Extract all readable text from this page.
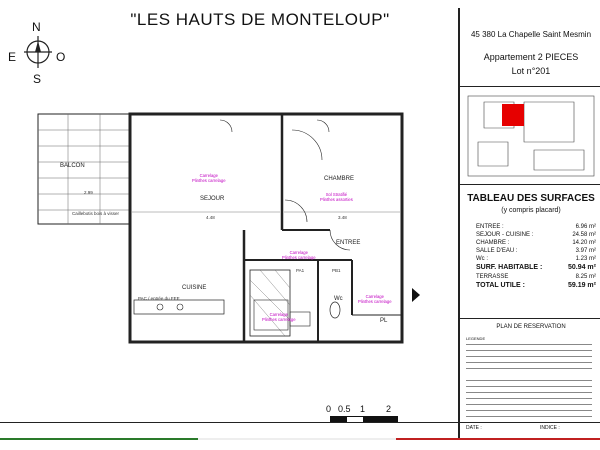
"LES HAUTS DE MONTELOUP"
N
E	O
S
BALCON
SEJOUR
CHAMBRE
ENTREE
CUISINE
PL
Wc
Carrelage
Plinthes carrelage
Sol Stratifié
Plinthes assorties
Carrelage
Plinthes carrelage
Carrelage
Plinthes carrelage
Carrelage
Plinthes carrelage
4.48	3.48
2.99
PA1	PB1
Caillebotis bois à visser
PAC / entrée du FEE
0 0.5 1 2
45 380 La Chapelle Saint Mesmin
Appartement 2 PIECES
Lot n°201
TABLEAU DES SURFACES
(y compris placard)
ENTREE :	6.96 m²
SEJOUR - CUISINE :	24.58 m²
CHAMBRE :	14.20 m²
SALLE D'EAU :	3.97 m²
Wc :	1.23 m²
SURF. HABITABLE :	50.94 m²
TERRASSE	8.25 m²
TOTAL UTILE :	59.19 m²
PLAN DE RESERVATION
LEGENDE
DATE :	INDICE :
